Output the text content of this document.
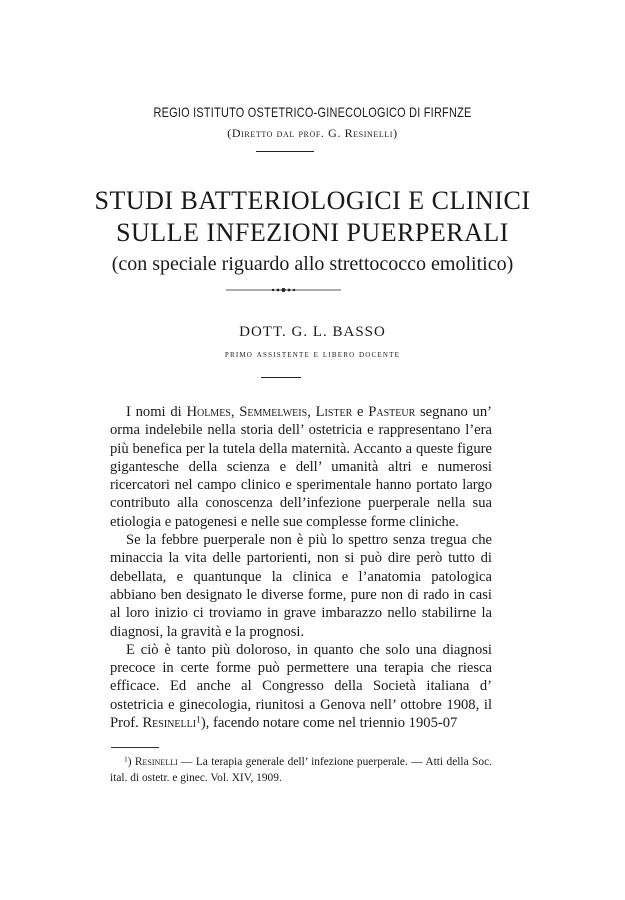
REGIO ISTITUTO OSTETRICO-GINECOLOGICO DI FIRFNZE
(Diretto dal prof. G. Resinelli)
STUDI BATTERIOLOGICI E CLINICI
SULLE INFEZIONI PUERPERALI
(con speciale riguardo allo strettococco emolitico)
DOTT. G. L. BASSO
primo assistente e libero docente

I nomi di Holmes, Semmelweis, Lister e Pasteur segnano un’ orma indelebile nella storia dell’ ostetricia e rappresentano l’era più benefica per la tutela della maternità. Accanto a queste figure gigantesche della scienza e dell’ umanità altri e numerosi ricercatori nel campo clinico e sperimentale hanno portato largo contributo alla conoscenza dell’infezione puerperale nella sua etiologia e patogenesi e nelle sue complesse forme cliniche.

Se la febbre puerperale non è più lo spettro senza tregua che minaccia la vita delle partorienti, non si può dire però tutto di debellata, e quantunque la clinica e l’anatomia patologica abbiano ben designato le diverse forme, pure non di rado in casi al loro inizio ci troviamo in grave imbarazzo nello stabilirne la diagnosi, la gravità e la prognosi.

E ciò è tanto più doloroso, in quanto che solo una diagnosi precoce in certe forme può permettere una terapia che riesca efficace. Ed anche al Congresso della Società italiana d’ ostetricia e ginecologia, riunitosi a Genova nell’ ottobre 1908, il Prof. Resinelli$^1$), facendo notare come nel triennio 1905-07

$^1$) Resinelli — La terapia generale dell’ infezione puerperale. — Atti della Soc. ital. di ostetr. e ginec. Vol. XIV, 1909.
